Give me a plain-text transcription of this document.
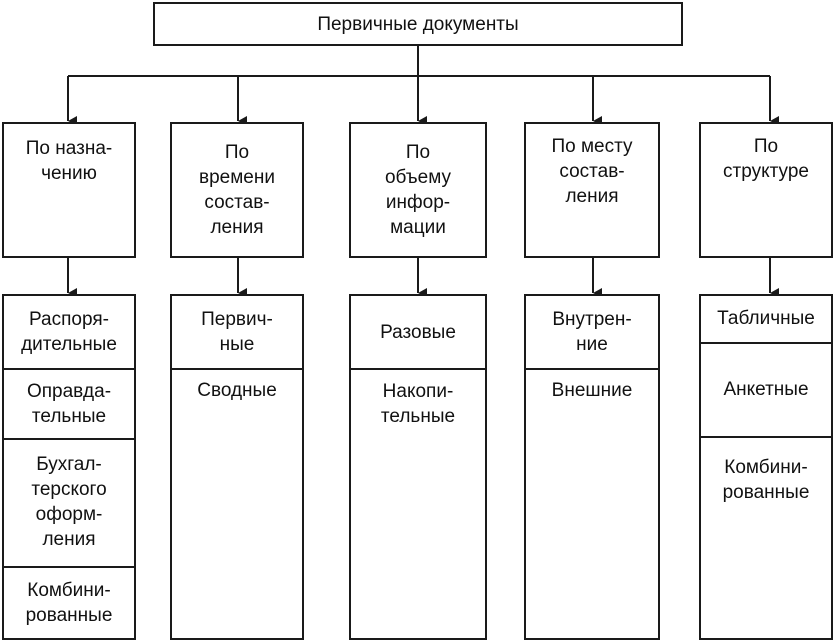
Первичные документы
По назна-
чению
По
времени
состав-
ления
По
объему
инфор-
мации
По месту
состав-
ления
По
структуре
Распоря-
дительные
Оправда-
тельные
Бухгал-
терского
оформ-
ления
Комбини-
рованные
Первич-
ные
Сводные
Разовые
Накопи-
тельные
Внутрен-
ние
Внешние
Табличные
Анкетные
Комбини-
рованные
